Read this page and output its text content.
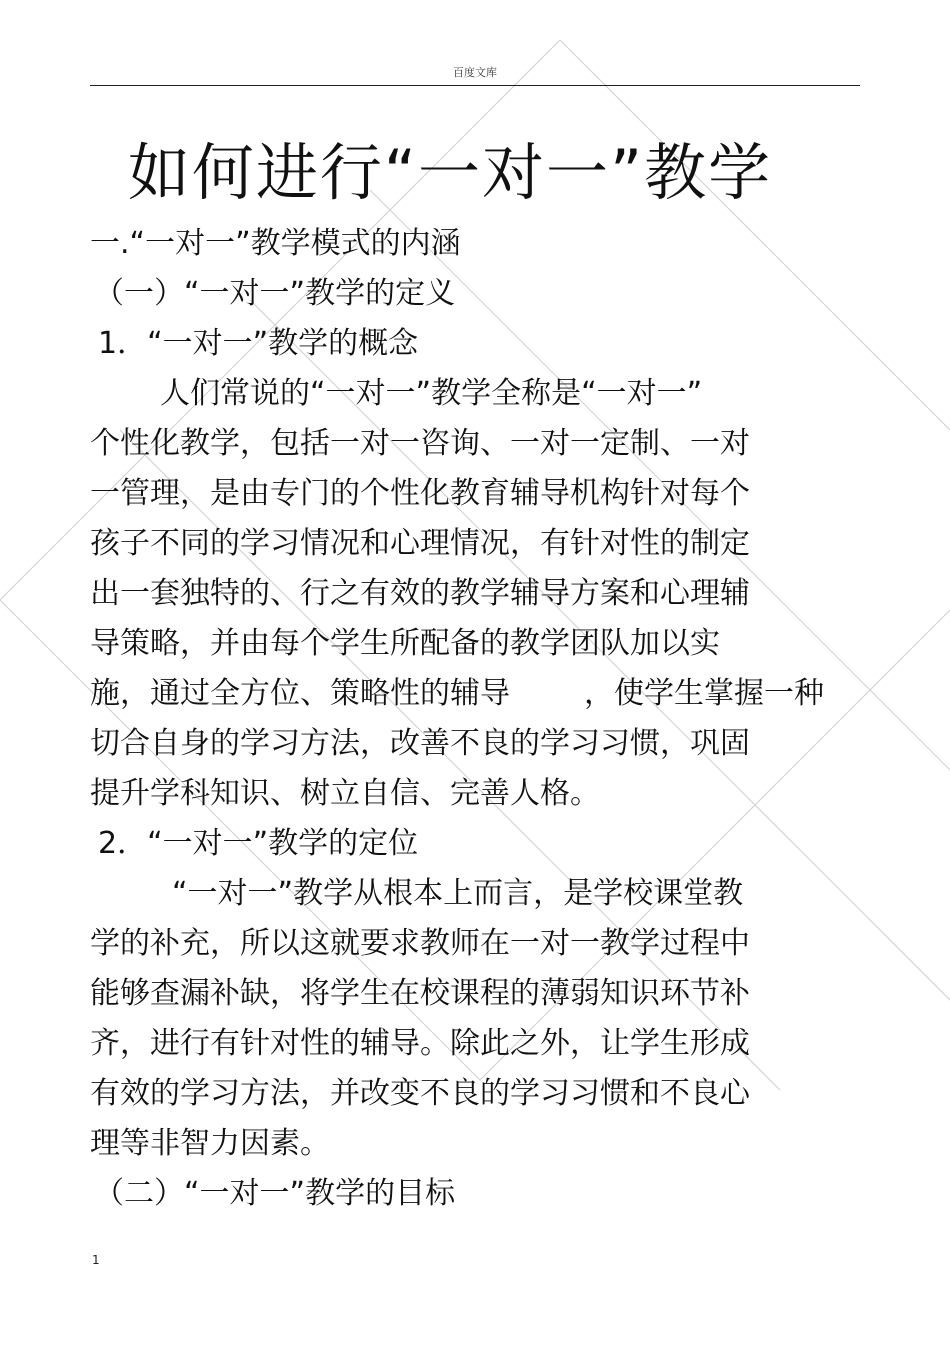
百度文库
如何进行“一对一”教学
一.“一对一”教学模式的内涵
（一）“一对一”教学的定义
1．“一对一”教学的概念
人们常说的“一对一”教学全称是“一对一”
个性化教学，包括一对一咨询、一对一定制、一对
一管理，是由专门的个性化教育辅导机构针对每个
孩子不同的学习情况和心理情况，有针对性的制定
出一套独特的、行之有效的教学辅导方案和心理辅
导策略，并由每个学生所配备的教学团队加以实
施，通过全方位、策略性的辅导 ，使学生掌握一种
切合自身的学习方法，改善不良的学习习惯，巩固
提升学科知识、树立自信、完善人格。
2．“一对一”教学的定位
“一对一”教学从根本上而言，是学校课堂教
学的补充，所以这就要求教师在一对一教学过程中
能够查漏补缺，将学生在校课程的薄弱知识环节补
齐，进行有针对性的辅导。除此之外，让学生形成
有效的学习方法，并改变不良的学习习惯和不良心
理等非智力因素。
（二）“一对一”教学的目标
1
